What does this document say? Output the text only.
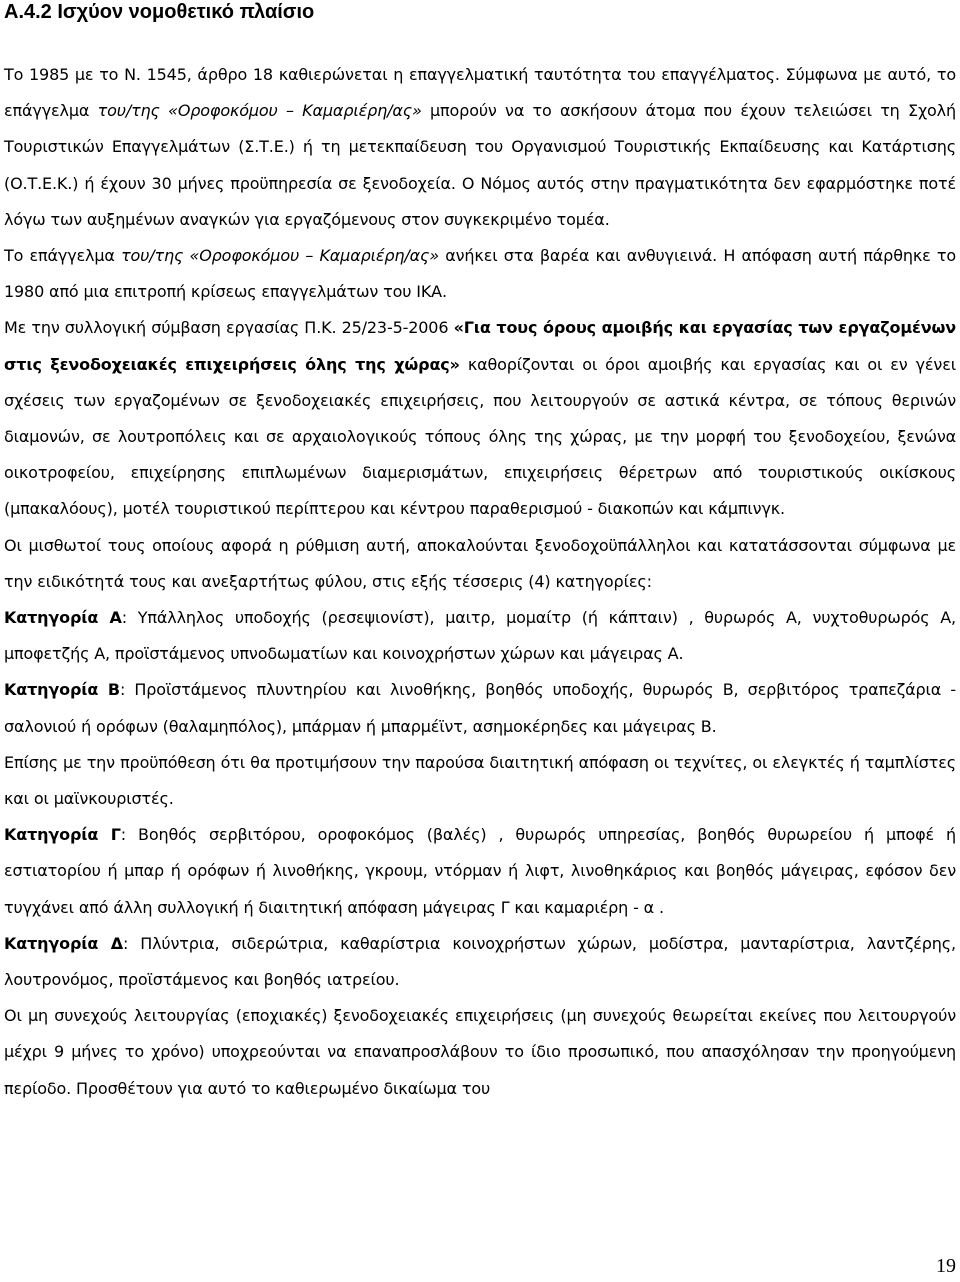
A.4.2 Ισχύον νομοθετικό πλαίσιο

Το 1985 με το Ν. 1545, άρθρο 18 καθιερώνεται η επαγγελματική ταυτότητα του επαγγέλματος. Σύμφωνα με αυτό, το επάγγελμα του/της «Οροφοκόμου – Καμαριέρη/ας» μπορούν να το ασκήσουν άτομα που έχουν τελειώσει τη Σχολή Τουριστικών Επαγγελμάτων (Σ.Τ.Ε.) ή τη μετεκπαίδευση του Οργανισμού Τουριστικής Εκπαίδευσης και Κατάρτισης (Ο.Τ.Ε.Κ.) ή έχουν 30 μήνες προϋπηρεσία σε ξενοδοχεία. Ο Νόμος αυτός στην πραγματικότητα δεν εφαρμόστηκε ποτέ λόγω των αυξημένων αναγκών για εργαζόμενους στον συγκεκριμένο τομέα.

Το επάγγελμα του/της «Οροφοκόμου – Καμαριέρη/ας» ανήκει στα βαρέα και ανθυγιεινά. Η απόφαση αυτή πάρθηκε το 1980 από μια επιτροπή κρίσεως επαγγελμάτων του ΙΚΑ.

Με την συλλογική σύμβαση εργασίας Π.Κ. 25/23-5-2006 «Για τους όρους αμοιβής και εργασίας των εργαζομένων στις ξενοδοχειακές επιχειρήσεις όλης της χώρας» καθορίζονται οι όροι αμοιβής και εργασίας και οι εν γένει σχέσεις των εργαζομένων σε ξενοδοχειακές επιχειρήσεις, που λειτουργούν σε αστικά κέντρα, σε τόπους θερινών διαμονών, σε λουτροπόλεις και σε αρχαιολογικούς τόπους όλης της χώρας, με την μορφή του ξενοδοχείου, ξενώνα οικοτροφείου, επιχείρησης επιπλωμένων διαμερισμάτων, επιχειρήσεις θέρετρων από τουριστικούς οικίσκους (μπακαλόους), μοτέλ τουριστικού περίπτερου και κέντρου παραθερισμού - διακοπών και κάμπινγκ.

Οι μισθωτοί τους οποίους αφορά η ρύθμιση αυτή, αποκαλούνται ξενοδοχοϋπάλληλοι και κατατάσσονται σύμφωνα με την ειδικότητά τους και ανεξαρτήτως φύλου, στις εξής τέσσερις (4) κατηγορίες:

Κατηγορία Α: Υπάλληλος υποδοχής (ρεσεψιονίστ), μαιτρ, μομαίτρ (ή κάπταιν) , θυρωρός Α, νυχτοθυρωρός Α, μποφετζής Α, προϊστάμενος υπνοδωματίων και κοινοχρήστων χώρων και μάγειρας Α.

Κατηγορία Β: Προϊστάμενος πλυντηρίου και λινοθήκης, βοηθός υποδοχής, θυρωρός Β, σερβιτόρος τραπεζάρια - σαλονιού ή ορόφων (θαλαμηπόλος), μπάρμαν ή μπαρμέϊντ, ασημοκέρηδες και μάγειρας Β.

Επίσης με την προϋπόθεση ότι θα προτιμήσουν την παρούσα διαιτητική απόφαση οι τεχνίτες, οι ελεγκτές ή ταμπλίστες και οι μαϊνκουριστές.

Κατηγορία Γ: Βοηθός σερβιτόρου, οροφοκόμος (βαλές) , θυρωρός υπηρεσίας, βοηθός θυρωρείου ή μποφέ ή εστιατορίου ή μπαρ ή ορόφων ή λινοθήκης, γκρουμ, ντόρμαν ή λιφτ, λινοθηκάριος και βοηθός μάγειρας, εφόσον δεν τυγχάνει από άλλη συλλογική ή διαιτητική απόφαση μάγειρας Γ και καμαριέρη - α .

Κατηγορία Δ: Πλύντρια, σιδερώτρια, καθαρίστρια κοινοχρήστων χώρων, μοδίστρα, μανταρίστρια, λαντζέρης, λουτρονόμος, προϊστάμενος και βοηθός ιατρείου.

Οι μη συνεχούς λειτουργίας (εποχιακές) ξενοδοχειακές επιχειρήσεις (μη συνεχούς θεωρείται εκείνες που λειτουργούν μέχρι 9 μήνες το χρόνο) υποχρεούνται να επαναπροσλάβουν το ίδιο προσωπικό, που απασχόλησαν την προηγούμενη περίοδο. Προσθέτουν για αυτό το καθιερωμένο δικαίωμα του

19
